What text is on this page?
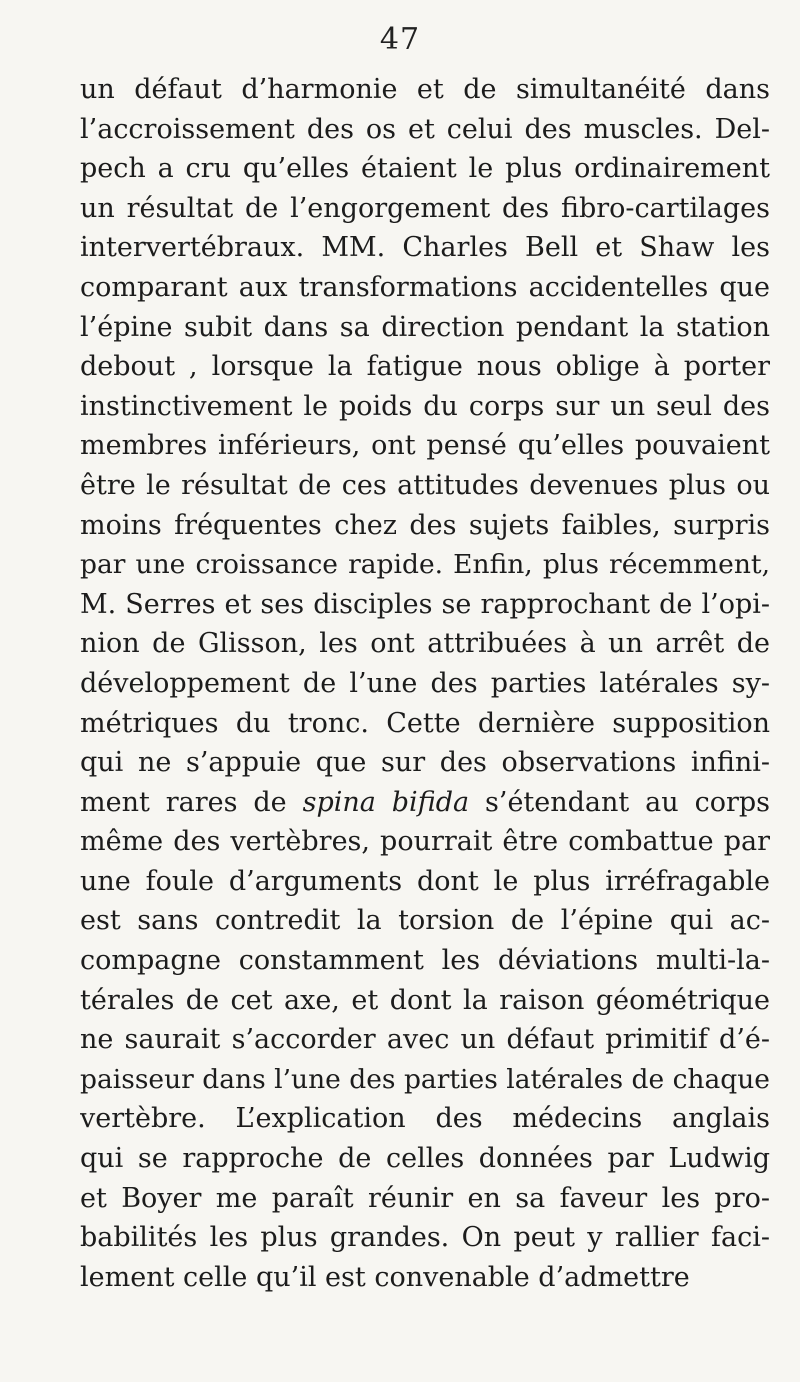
47
un défaut d’harmonie et de simultanéité dans
l’accroissement des os et celui des muscles. Del-
pech a cru qu’elles étaient le plus ordinairement
un résultat de l’engorgement des fibro-cartilages
intervertébraux. MM. Charles Bell et Shaw les
comparant aux transformations accidentelles que
l’épine subit dans sa direction pendant la station
debout , lorsque la fatigue nous oblige à porter
instinctivement le poids du corps sur un seul des
membres inférieurs, ont pensé qu’elles pouvaient
être le résultat de ces attitudes devenues plus ou
moins fréquentes chez des sujets faibles, surpris
par une croissance rapide. Enfin, plus récemment,
M. Serres et ses disciples se rapprochant de l’opi-
nion de Glisson, les ont attribuées à un arrêt de
développement de l’une des parties latérales sy-
métriques du tronc. Cette dernière supposition
qui ne s’appuie que sur des observations infini-
ment rares de spina bifida s’étendant au corps
même des vertèbres, pourrait être combattue par
une foule d’arguments dont le plus irréfragable
est sans contredit la torsion de l’épine qui ac-
compagne constamment les déviations multi-la-
térales de cet axe, et dont la raison géométrique
ne saurait s’accorder avec un défaut primitif d’é-
paisseur dans l’une des parties latérales de chaque
vertèbre. L’explication des médecins anglais
qui se rapproche de celles données par Ludwig
et Boyer me paraît réunir en sa faveur les pro-
babilités les plus grandes. On peut y rallier faci-
lement celle qu’il est convenable d’admettre
